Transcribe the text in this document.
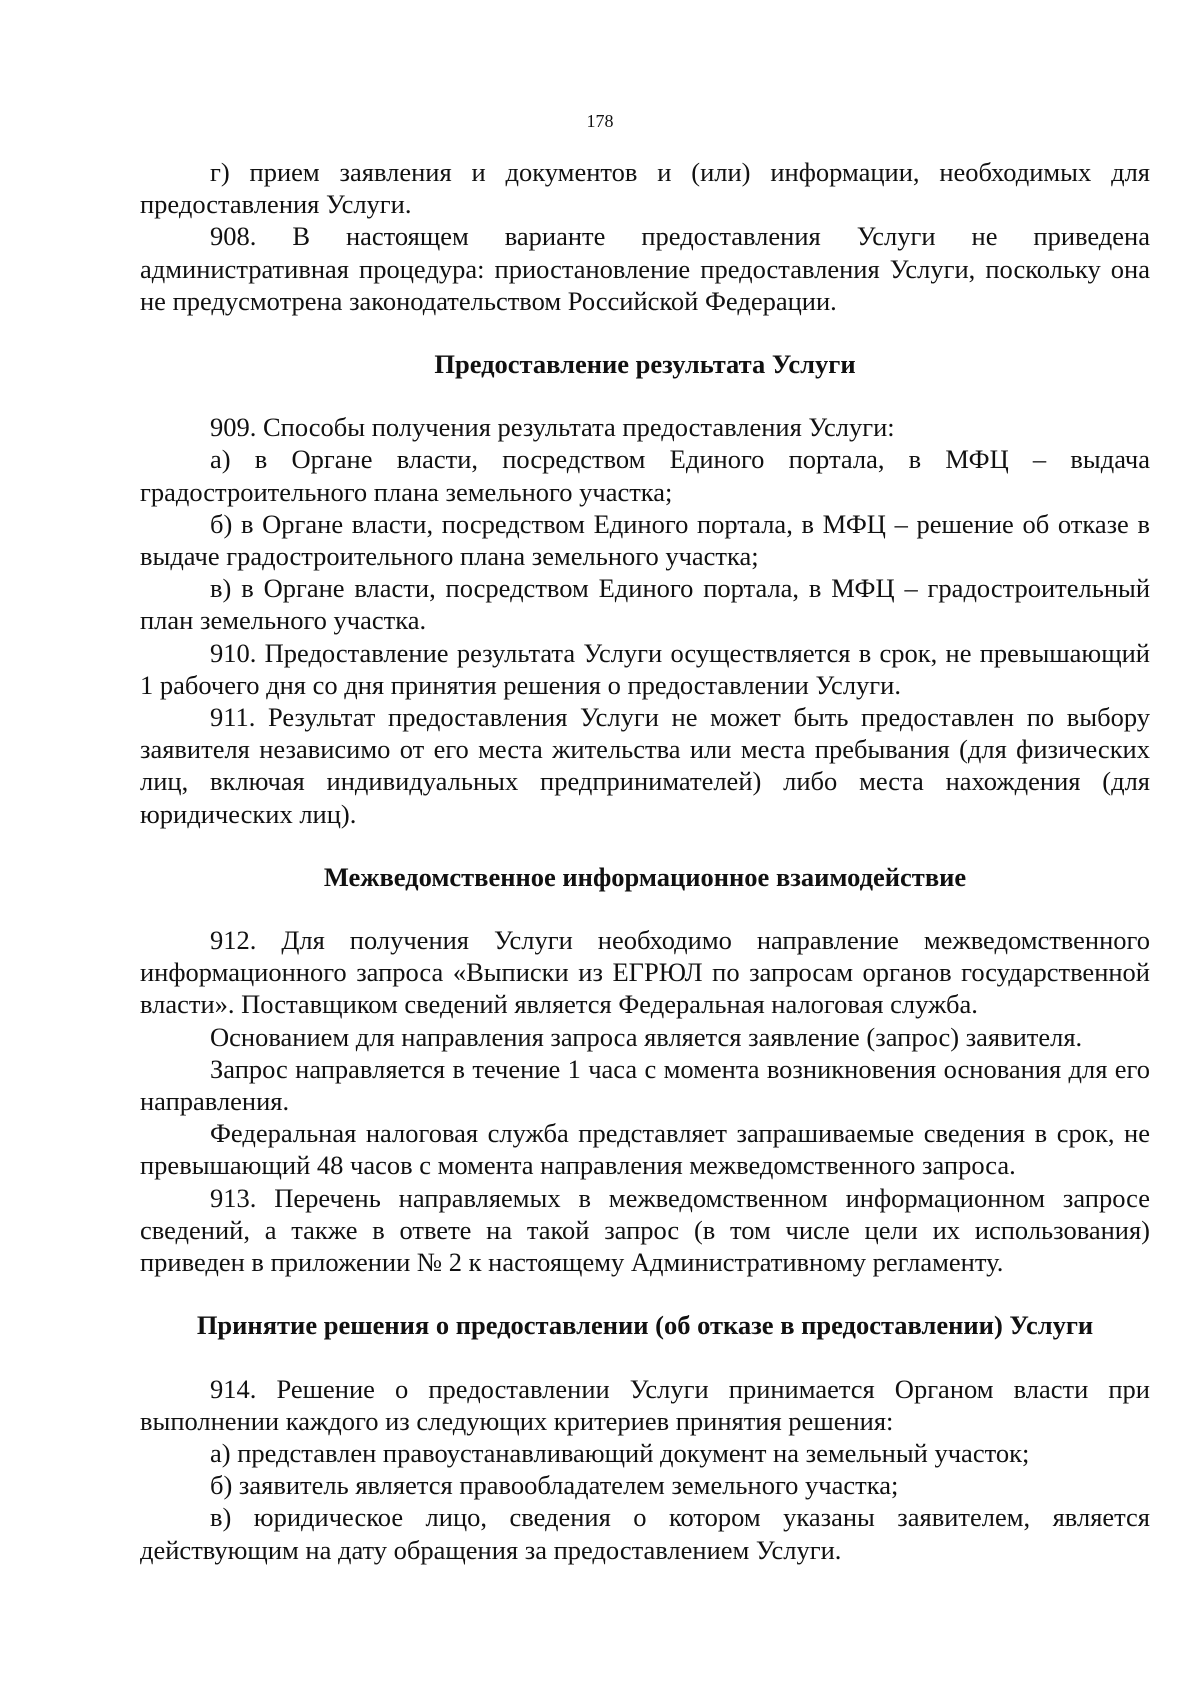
178

г) прием заявления и документов и (или) информации, необходимых для предоставления Услуги.

908. В настоящем варианте предоставления Услуги не приведена административная процедура: приостановление предоставления Услуги, поскольку она не предусмотрена законодательством Российской Федерации.

Предоставление результата Услуги

909. Способы получения результата предоставления Услуги:

а) в Органе власти, посредством Единого портала, в МФЦ – выдача градостроительного плана земельного участка;

б) в Органе власти, посредством Единого портала, в МФЦ – решение об отказе в выдаче градостроительного плана земельного участка;

в) в Органе власти, посредством Единого портала, в МФЦ – градостроительный план земельного участка.

910. Предоставление результата Услуги осуществляется в срок, не превышающий 1 рабочего дня со дня принятия решения о предоставлении Услуги.

911. Результат предоставления Услуги не может быть предоставлен по выбору заявителя независимо от его места жительства или места пребывания (для физических лиц, включая индивидуальных предпринимателей) либо места нахождения (для юридических лиц).

Межведомственное информационное взаимодействие

912. Для получения Услуги необходимо направление межведомственного информационного запроса «Выписки из ЕГРЮЛ по запросам органов государственной власти». Поставщиком сведений является Федеральная налоговая служба.

Основанием для направления запроса является заявление (запрос) заявителя.

Запрос направляется в течение 1 часа с момента возникновения основания для его направления.

Федеральная налоговая служба представляет запрашиваемые сведения в срок, не превышающий 48 часов с момента направления межведомственного запроса.

913. Перечень направляемых в межведомственном информационном запросе сведений, а также в ответе на такой запрос (в том числе цели их использования) приведен в приложении № 2 к настоящему Административному регламенту.

Принятие решения о предоставлении (об отказе в предоставлении) Услуги

914. Решение о предоставлении Услуги принимается Органом власти при выполнении каждого из следующих критериев принятия решения:

а) представлен правоустанавливающий документ на земельный участок;

б) заявитель является правообладателем земельного участка;

в) юридическое лицо, сведения о котором указаны заявителем, является действующим на дату обращения за предоставлением Услуги.
